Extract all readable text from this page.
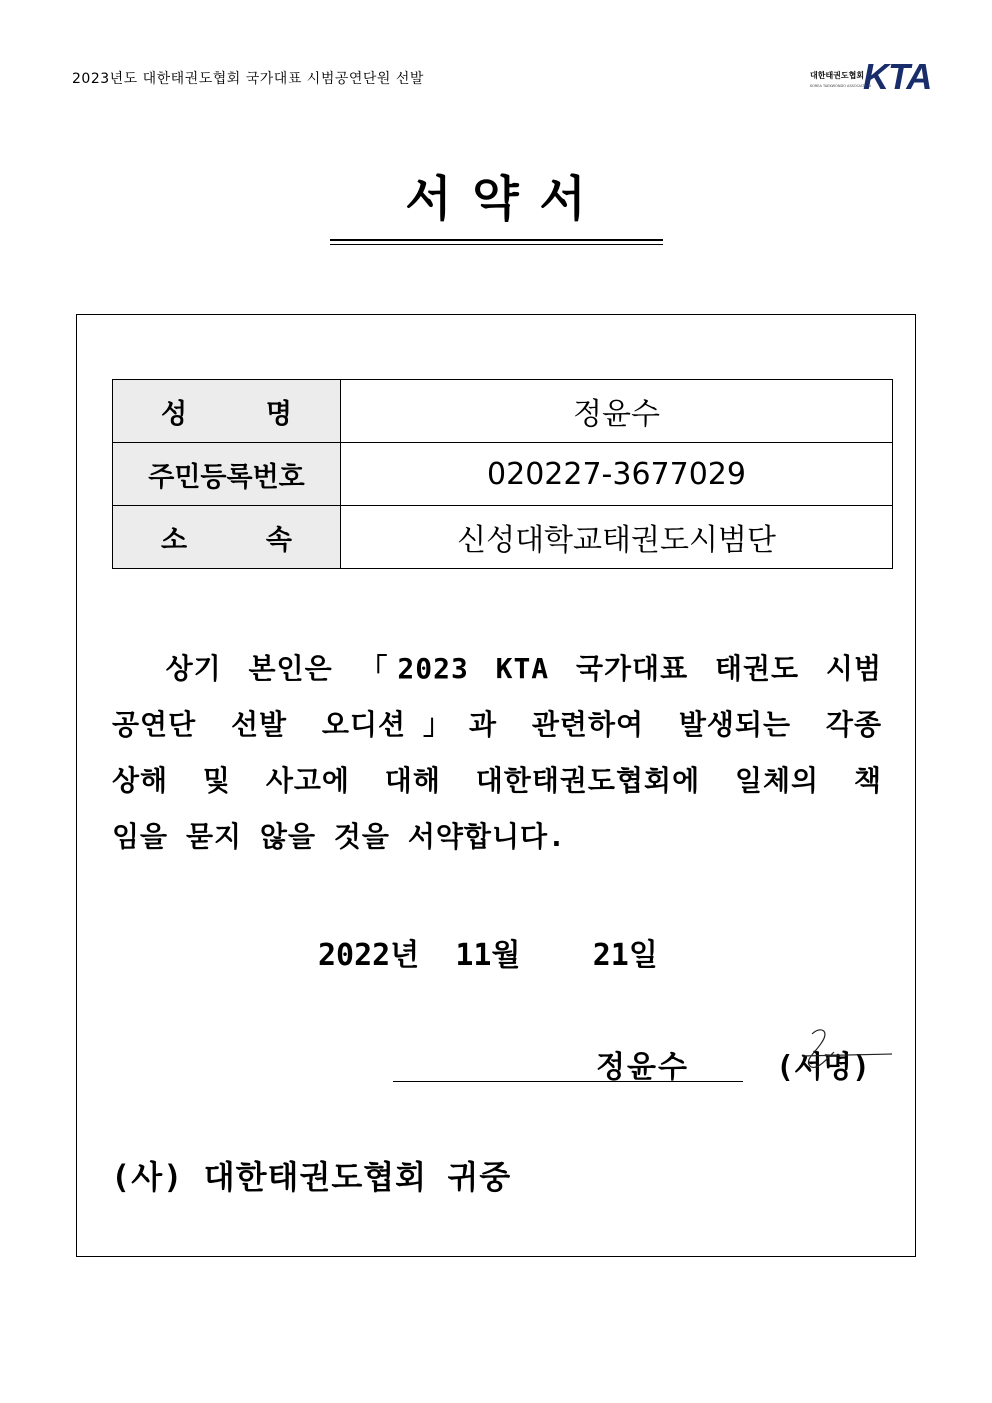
2023년도 대한태권도협회 국가대표 시범공연단원 선발	대한태권도협회
KOREA TAEKWONDO ASSOCIATION
KTA
서 약 서
성 명	정윤수
주민등록번호	020227-3677029

소 속	신성대학교태권도시범단

상기 본인은 「2023 KTA 국가대표 태권도 시범

공연단 선발 오디션」과 관련하여 발생되는 각종

상해 및 사고에 대해 대한태권도협회에 일체의 책

임을 묻지 않을 것을 서약합니다.

2022년  11월    21일
정윤수	(서명)
(사) 대한태권도협회 귀중
